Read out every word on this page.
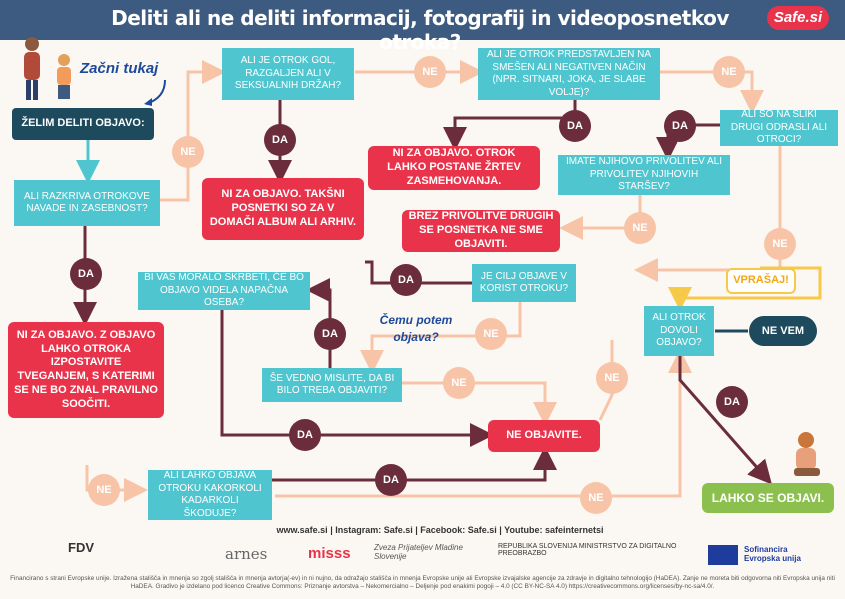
Deliti ali ne deliti informacij, fotografij in videoposnetkov otroka?
Safe.si
Začni tukaj
ŽELIM DELITI OBJAVO:
ALI JE OTROK GOL, RAZGALJEN ALI V SEKSUALNIH DRŽAH?
ALI JE OTROK PREDSTAVLJEN NA SMEŠEN ALI NEGATIVEN NAČIN (NPR. SITNARI, JOKA, JE SLABE VOLJE)?
ALI SO NA SLIKI DRUGI ODRASLI ALI OTROCI?
IMATE NJIHOVO PRIVOLITEV ALI PRIVOLITEV NJIHOVIH STARŠEV?
ALI RAZKRIVA OTROKOVE NAVADE IN ZASEBNOST?
JE CILJ OBJAVE V KORIST OTROKU?
BI VAS MORALO SKRBETI, ČE BO OBJAVO VIDELA NAPAČNA OSEBA?
ŠE VEDNO MISLITE, DA BI BILO TREBA OBJAVITI?
ALI OTROK DOVOLI OBJAVO?
ALI LAHKO OBJAVA OTROKU KAKORKOLI KADARKOLI ŠKODUJE?
NI ZA OBJAVO. TAKŠNI POSNETKI SO ZA V DOMAČI ALBUM ALI ARHIV.
NI ZA OBJAVO. OTROK LAHKO POSTANE ŽRTEV ZASMEHOVANJA.
BREZ PRIVOLITVE DRUGIH SE POSNETKA NE SME OBJAVITI.
NI ZA OBJAVO. Z OBJAVO LAHKO OTROKA IZPOSTAVITE TVEGANJEM, S KATERIMI SE NE BO ZNAL PRAVILNO SOOČITI.
NE OBJAVITE.
LAHKO SE OBJAVI.
VPRAŠAJ!
NE VEM
Čemu potem objava?
DA
DA	DA
DA	DA
DA
DA
DA
DA
NE
NE	NE
NE
NE
NE
NE	NE
NE
NE
www.safe.si | Instagram: Safe.si | Facebook: Safe.si | Youtube: safeinternetsi
FDV	arnes	misss	Zveza Prijateljev Mladine Slovenije
REPUBLIKA SLOVENIJA MINISTRSTVO ZA DIGITALNO PREOBRAZBO	Sofinancira Evropska unija
Financirano s strani Evropske unije. Izražena stališča in mnenja so zgolj stališča in mnenja avtorja(-ev) in ni nujno, da odražajo stališča in mnenja Evropske unije ali Evropske izvajalske agencije za zdravje in digitalno tehnologijo (HaDEA). Zanje ne moreta biti odgovorna niti Evropska unija niti HaDEA. Gradivo je izdelano pod licenco Creative Commons: Priznanje avtorstva – Nekomercialno – Deljenje pod enakimi pogoji – 4.0 (CC BY-NC-SA 4.0) https://creativecommons.org/licenses/by-nc-sa/4.0/.
